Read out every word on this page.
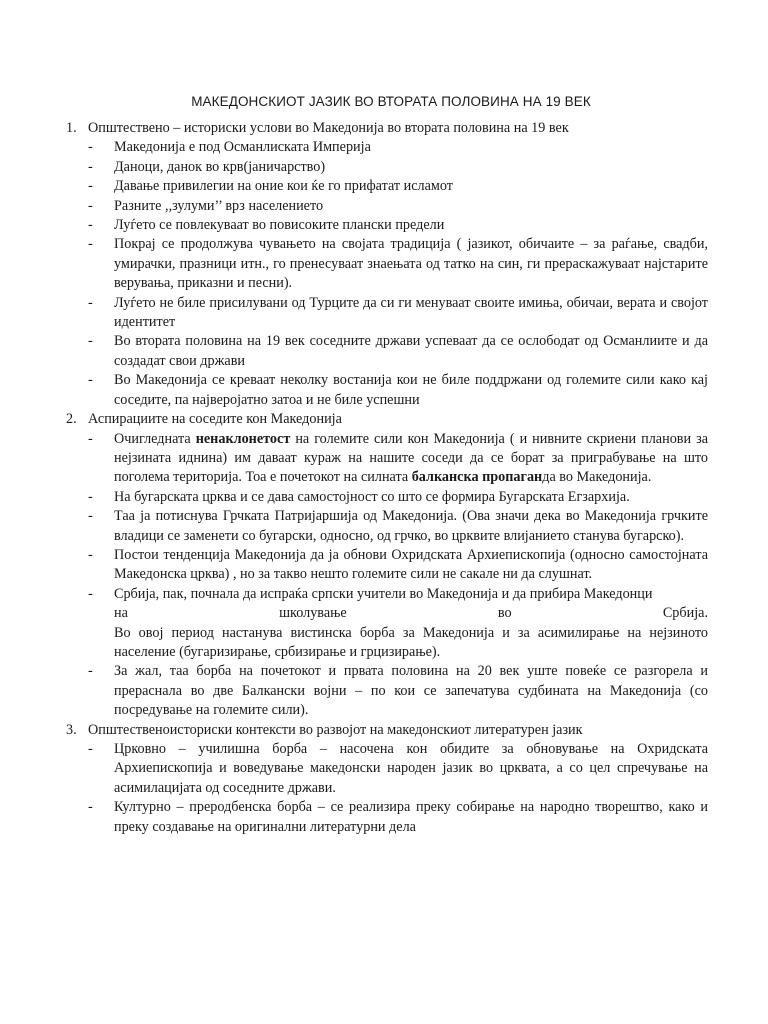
МАКЕДОНСКИОТ ЈАЗИК ВО ВТОРАТА ПОЛОВИНА НА 19 ВЕК
1. Општествено – историски услови во Македонија во втората половина на 19 век
-	Македонија е под Османлиската Империја
-	Даноци, данок во крв(јаничарство)
-	Давање привилегии на оние кои ќе го прифатат исламот
-	Разните ,,зулуми’’ врз населението
-	Луѓето се повлекуваат во повисоките плански предели
-	Покрај се продолжува чувањето на својата традиција ( јазикот, обичаите – за раѓање, свадби, умирачки, празници итн., го пренесуваат знаењата од татко на син, ги прераскажуваат најстарите верувања, приказни и песни).
-	Луѓето не биле присилувани од Турците да си ги менуваат своите имиња, обичаи, верата и својот идентитет
-	Во втората половина на 19 век соседните држави успеваат да се ослободат од Османлиите и да создадат свои држави
-	Во Македонија се креваат неколку востанија кои не биле поддржани од големите сили како кај соседите, па највероjатно затоа и не биле успешни
2. Аспирациите на соседите кон Македонија
-	Очигледната ненаклонетост на големите сили кон Македонија ( и нивните скриени планови за нејзината иднина) им даваат кураж на нашите соседи да се борат за приграбување на што поголема територија. Тоа е почетокот на силната балканска пропаганда во Македонија.
-	На бугарската црква и се дава самостојност со што се формира Бугарската Егзархија.
-	Таа ја потиснува Грчката Патријаршија од Македонија. (Ова значи дека во Македонија грчките владици се заменети со бугарски, односно, од грчко, во црквите влијанието станува бугарско).
-	Постои тенденција Македонија да ја обнови Охридската Архиепископија (односно самостојната Македонска црква) , но за такво нешто големите сили не сакале ни да слушнат.
-	Србија, пак, почнала да испраќа српски учители во Македонија и да прибира Македонци
на	школување	во	Србија.
Во овој период настанува вистинска борба за Македонија и за асимилирање на нејзиното население (бугаризирање, србизирање и грцизирање).
-	За жал, таа борба на почетокот и првата половина на 20 век уште повеќе се разгорела и прераснала во две Балкански војни – по кои се запечатува судбината на Македонија (со посредување на големите сили).
3. Општественоисториски контексти во развојот на македонскиот литературен јазик
-	Црковно – училишна борба – насочена кон обидите за обновување на Охридската Архиепископија и воведување македонски народен јазик во црквата, а со цел спречување на асимилацијата од соседните држави.
-	Културно – преродбенска борба – се реализира преку собирање на народно творештво, како и преку создавање на оригинални литературни дела
